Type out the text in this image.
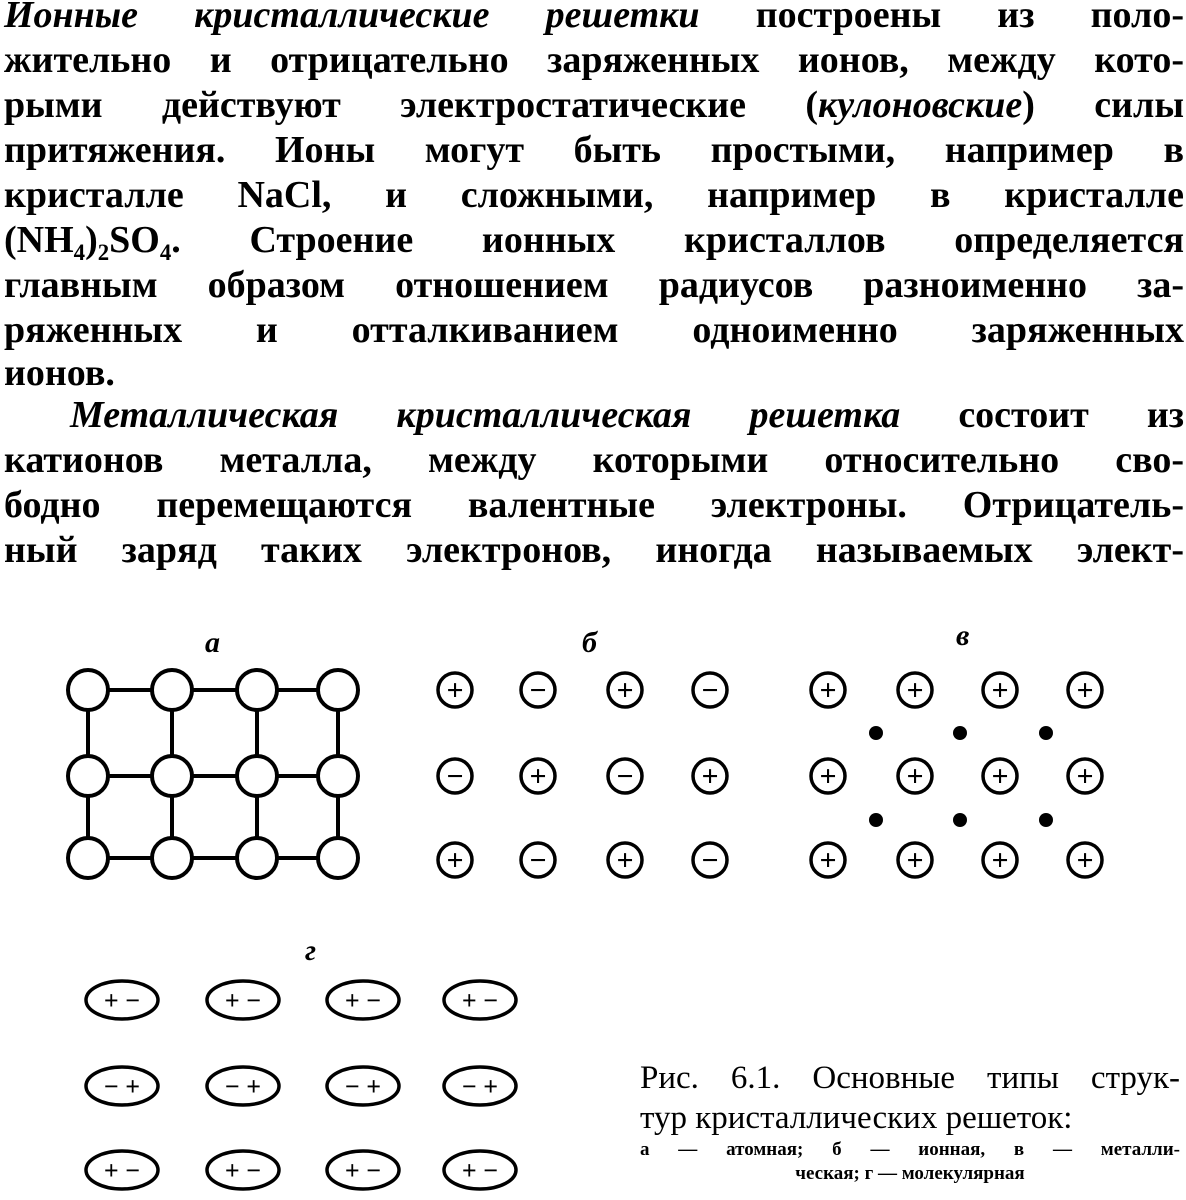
Ионные кристаллические решетки построены из поло-
жительно и отрицательно заряженных ионов, между кото-
рыми действуют электростатические (кулоновские) силы
притяжения. Ионы могут быть простыми, например в
кристалле NaCl, и сложными, например в кристалле
$(NH_4)_2SO_4$. Строение ионных кристаллов определяется
главным образом отношением радиусов разноименно за-
ряженных и отталкиванием одноименно заряженных
ионов.
Металлическая кристаллическая решетка состоит из
катионов металла, между которыми относительно сво-
бодно перемещаются валентные электроны. Отрицатель-
ный заряд таких электронов, иногда называемых элект-
а	б	в
г
+ − + −
− + − +
+ − + −
+ + + +
+ + + +
+ + + +
+ −	+ −	+ −	+ −
− +	− +	− +	− +
+ −	+ −	+ −	+ −
Рис. 6.1. Основные типы струк-
тур кристаллических решеток:
а — атомная; б — ионная, в — металли-
ческая; г — молекулярная
